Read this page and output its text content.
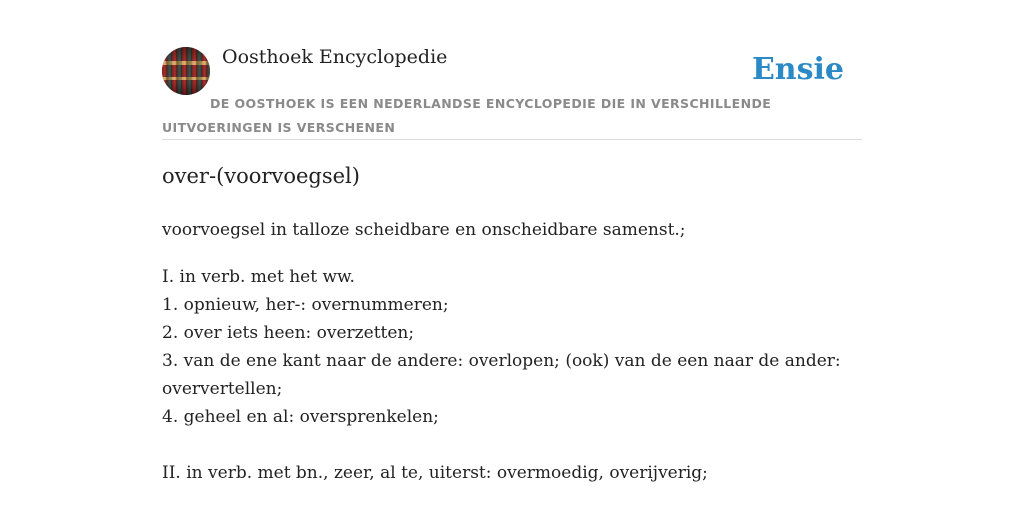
Oosthoek Encyclopedie	Ensie
DE OOSTHOEK IS EEN NEDERLANDSE ENCYCLOPEDIE DIE IN VERSCHILLENDE UITVOERINGEN IS VERSCHENEN
over-(voorvoegsel)

voorvoegsel in talloze scheidbare en onscheidbare samenst.;

I. in verb. met het ww.
1. opnieuw, her-: overnummeren;
2. over iets heen: overzetten;
3. van de ene kant naar de andere: overlopen; (ook) van de een naar de ander: oververtellen;
4. geheel en al: oversprenkelen;

II. in verb. met bn., zeer, al te, uiterst: overmoedig, overijverig;
